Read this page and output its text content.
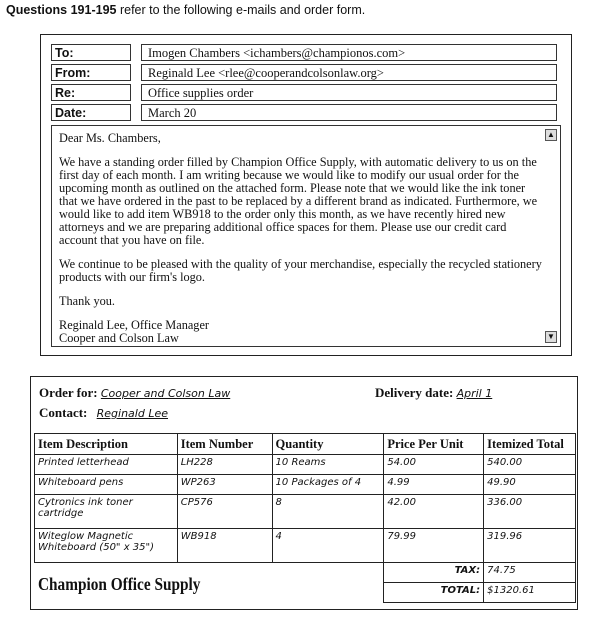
Questions 191-195 refer to the following e-mails and order form.
To:	Imogen Chambers <ichambers@championos.com>
From:	Reginald Lee <rlee@cooperandcolsonlaw.org>
Re:	Office supplies order
Date:	March 20

Dear Ms. Chambers,

We have a standing order filled by Champion Office Supply, with automatic delivery to us on the first day of each month. I am writing because we would like to modify our usual order for the upcoming month as outlined on the attached form. Please note that we would like the ink toner that we have ordered in the past to be replaced by a different brand as indicated. Furthermore, we would like to add item WB918 to the order only this month, as we have recently hired new attorneys and we are preparing additional office spaces for them. Please use our credit card account that you have on file.

We continue to be pleased with the quality of your merchandise, especially the recycled stationery products with our firm's logo.

Thank you.

Reginald Lee, Office Manager
Cooper and Colson Law
▲
▼
Order for: Cooper and Colson Law	Delivery date: April 1
Contact: Reginald Lee
Item Description	Item Number	Quantity	Price Per Unit	Itemized Total
Printed letterhead	LH228	10 Reams	54.00	540.00
Whiteboard pens	WP263	10 Packages of 4	4.99	49.90
Cytronics ink toner cartridge	CP576	8	42.00	336.00
Witeglow Magnetic Whiteboard (50" x 35")	WB918	4	79.99	319.96
Champion Office Supply			TAX:	74.75
			TOTAL:	$1320.61
